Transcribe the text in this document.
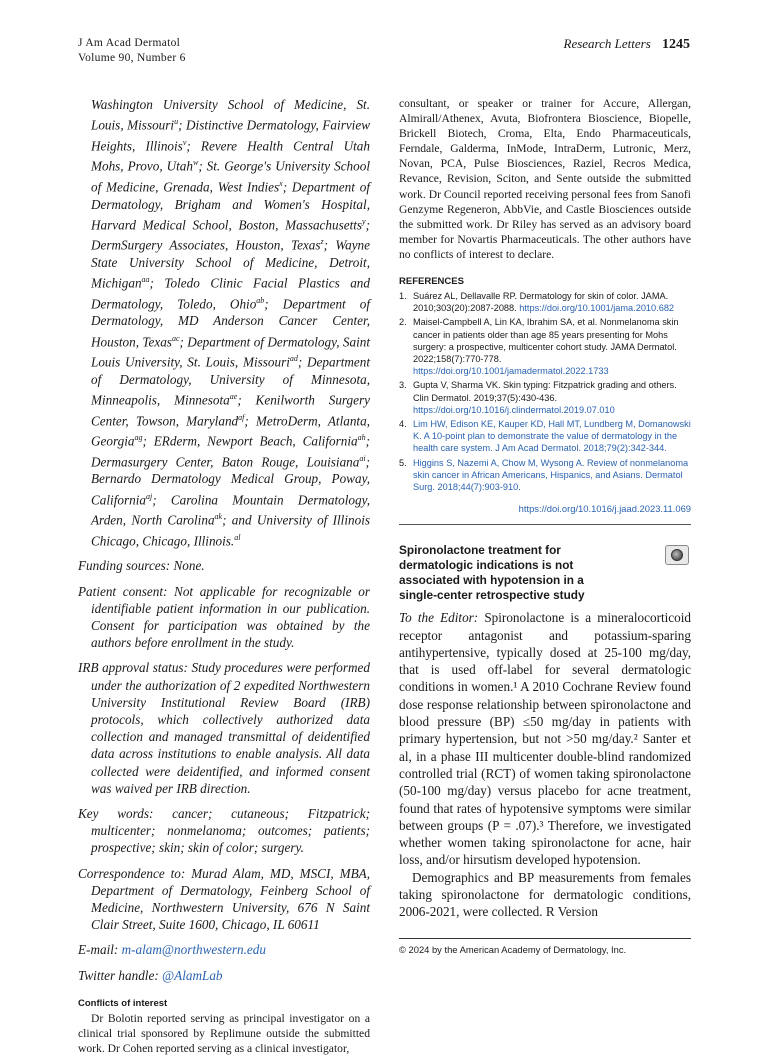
J Am Acad Dermatol
Volume 90, Number 6
Research Letters 1245

Washington University School of Medicine, St. Louis, Missouri$^u$; Distinctive Dermatology, Fairview Heights, Illinois$^v$; Revere Health Central Utah Mohs, Provo, Utah$^w$; St. George's University School of Medicine, Grenada, West Indies$^x$; Department of Dermatology, Brigham and Women's Hospital, Harvard Medical School, Boston, Massachusetts$^y$; DermSurgery Associates, Houston, Texas$^z$; Wayne State University School of Medicine, Detroit, Michigan$^{aa}$; Toledo Clinic Facial Plastics and Dermatology, Toledo, Ohio$^{ab}$; Department of Dermatology, MD Anderson Cancer Center, Houston, Texas$^{ac}$; Department of Dermatology, Saint Louis University, St. Louis, Missouri$^{ad}$; Department of Dermatology, University of Minnesota, Minneapolis, Minnesota$^{ae}$; Kenilworth Surgery Center, Towson, Maryland$^{af}$; MetroDerm, Atlanta, Georgia$^{ag}$; ERderm, Newport Beach, California$^{ah}$; Dermasurgery Center, Baton Rouge, Louisiana$^{ai}$; Bernardo Dermatology Medical Group, Poway, California$^{aj}$; Carolina Mountain Dermatology, Arden, North Carolina$^{ak}$; and University of Illinois Chicago, Chicago, Illinois.$^{al}$

Funding sources: None.

Patient consent: Not applicable for recognizable or identifiable patient information in our publication. Consent for participation was obtained by the authors before enrollment in the study.

IRB approval status: Study procedures were performed under the authorization of 2 expedited Northwestern University Institutional Review Board (IRB) protocols, which collectively authorized data collection and managed transmittal of deidentified data across institutions to enable analysis. All data collected were deidentified, and informed consent was waived per IRB direction.

Key words: cancer; cutaneous; Fitzpatrick; multicenter; nonmelanoma; outcomes; patients; prospective; skin; skin of color; surgery.

Correspondence to: Murad Alam, MD, MSCI, MBA, Department of Dermatology, Feinberg School of Medicine, Northwestern University, 676 N Saint Clair Street, Suite 1600, Chicago, IL 60611

E-mail: m-alam@northwestern.edu

Twitter handle: @AlamLab

Conflicts of interest

Dr Bolotin reported serving as principal investigator on a clinical trial sponsored by Replimune outside the submitted work. Dr Cohen reported serving as a clinical investigator,

consultant, or speaker or trainer for Accure, Allergan, Almirall/Athenex, Avuta, Biofrontera Bioscience, Biopelle, Brickell Biotech, Croma, Elta, Endo Pharmaceuticals, Ferndale, Galderma, InMode, IntraDerm, Lutronic, Merz, Novan, PCA, Pulse Biosciences, Raziel, Recros Medica, Revance, Revision, Sciton, and Sente outside the submitted work. Dr Council reported receiving personal fees from Sanofi Genzyme Regeneron, AbbVie, and Castle Biosciences outside the submitted work. Dr Riley has served as an advisory board member for Novartis Pharmaceuticals. The other authors have no conflicts of interest to declare.

REFERENCES

1. Suárez AL, Dellavalle RP. Dermatology for skin of color. JAMA. 2010;303(20):2087-2088. https://doi.org/10.1001/jama.2010.682
2. Maisel-Campbell A, Lin KA, Ibrahim SA, et al. Nonmelanoma skin cancer in patients older than age 85 years presenting for Mohs surgery: a prospective, multicenter cohort study. JAMA Dermatol. 2022;158(7):770-778. https://doi.org/10.1001/jamadermatol.2022.1733
3. Gupta V, Sharma VK. Skin typing: Fitzpatrick grading and others. Clin Dermatol. 2019;37(5):430-436. https://doi.org/10.1016/j.clindermatol.2019.07.010
4. Lim HW, Edison KE, Kauper KD, Hall MT, Lundberg M, Domanowski K. A 10-point plan to demonstrate the value of dermatology in the health care system. J Am Acad Dermatol. 2018;79(2):342-344.
5. Higgins S, Nazemi A, Chow M, Wysong A. Review of nonmelanoma skin cancer in African Americans, Hispanics, and Asians. Dermatol Surg. 2018;44(7):903-910.
https://doi.org/10.1016/j.jaad.2023.11.069

Spironolactone treatment for dermatologic indications is not associated with hypotension in a single-center retrospective study

To the Editor: Spironolactone is a mineralocorticoid receptor antagonist and potassium-sparing antihypertensive, typically dosed at 25-100 mg/day, that is used off-label for several dermatologic conditions in women.¹ A 2010 Cochrane Review found dose response relationship between spironolactone and blood pressure (BP) ≤50 mg/day in patients with primary hypertension, but not >50 mg/day.² Santer et al, in a phase III multicenter double-blind randomized controlled trial (RCT) of women taking spironolactone (50-100 mg/day) versus placebo for acne treatment, found that rates of hypotensive symptoms were similar between groups (P = .07).³ Therefore, we investigated whether women taking spironolactone for acne, hair loss, and/or hirsutism developed hypotension.

Demographics and BP measurements from females taking spironolactone for dermatologic conditions, 2006-2021, were collected. R Version

© 2024 by the American Academy of Dermatology, Inc.
